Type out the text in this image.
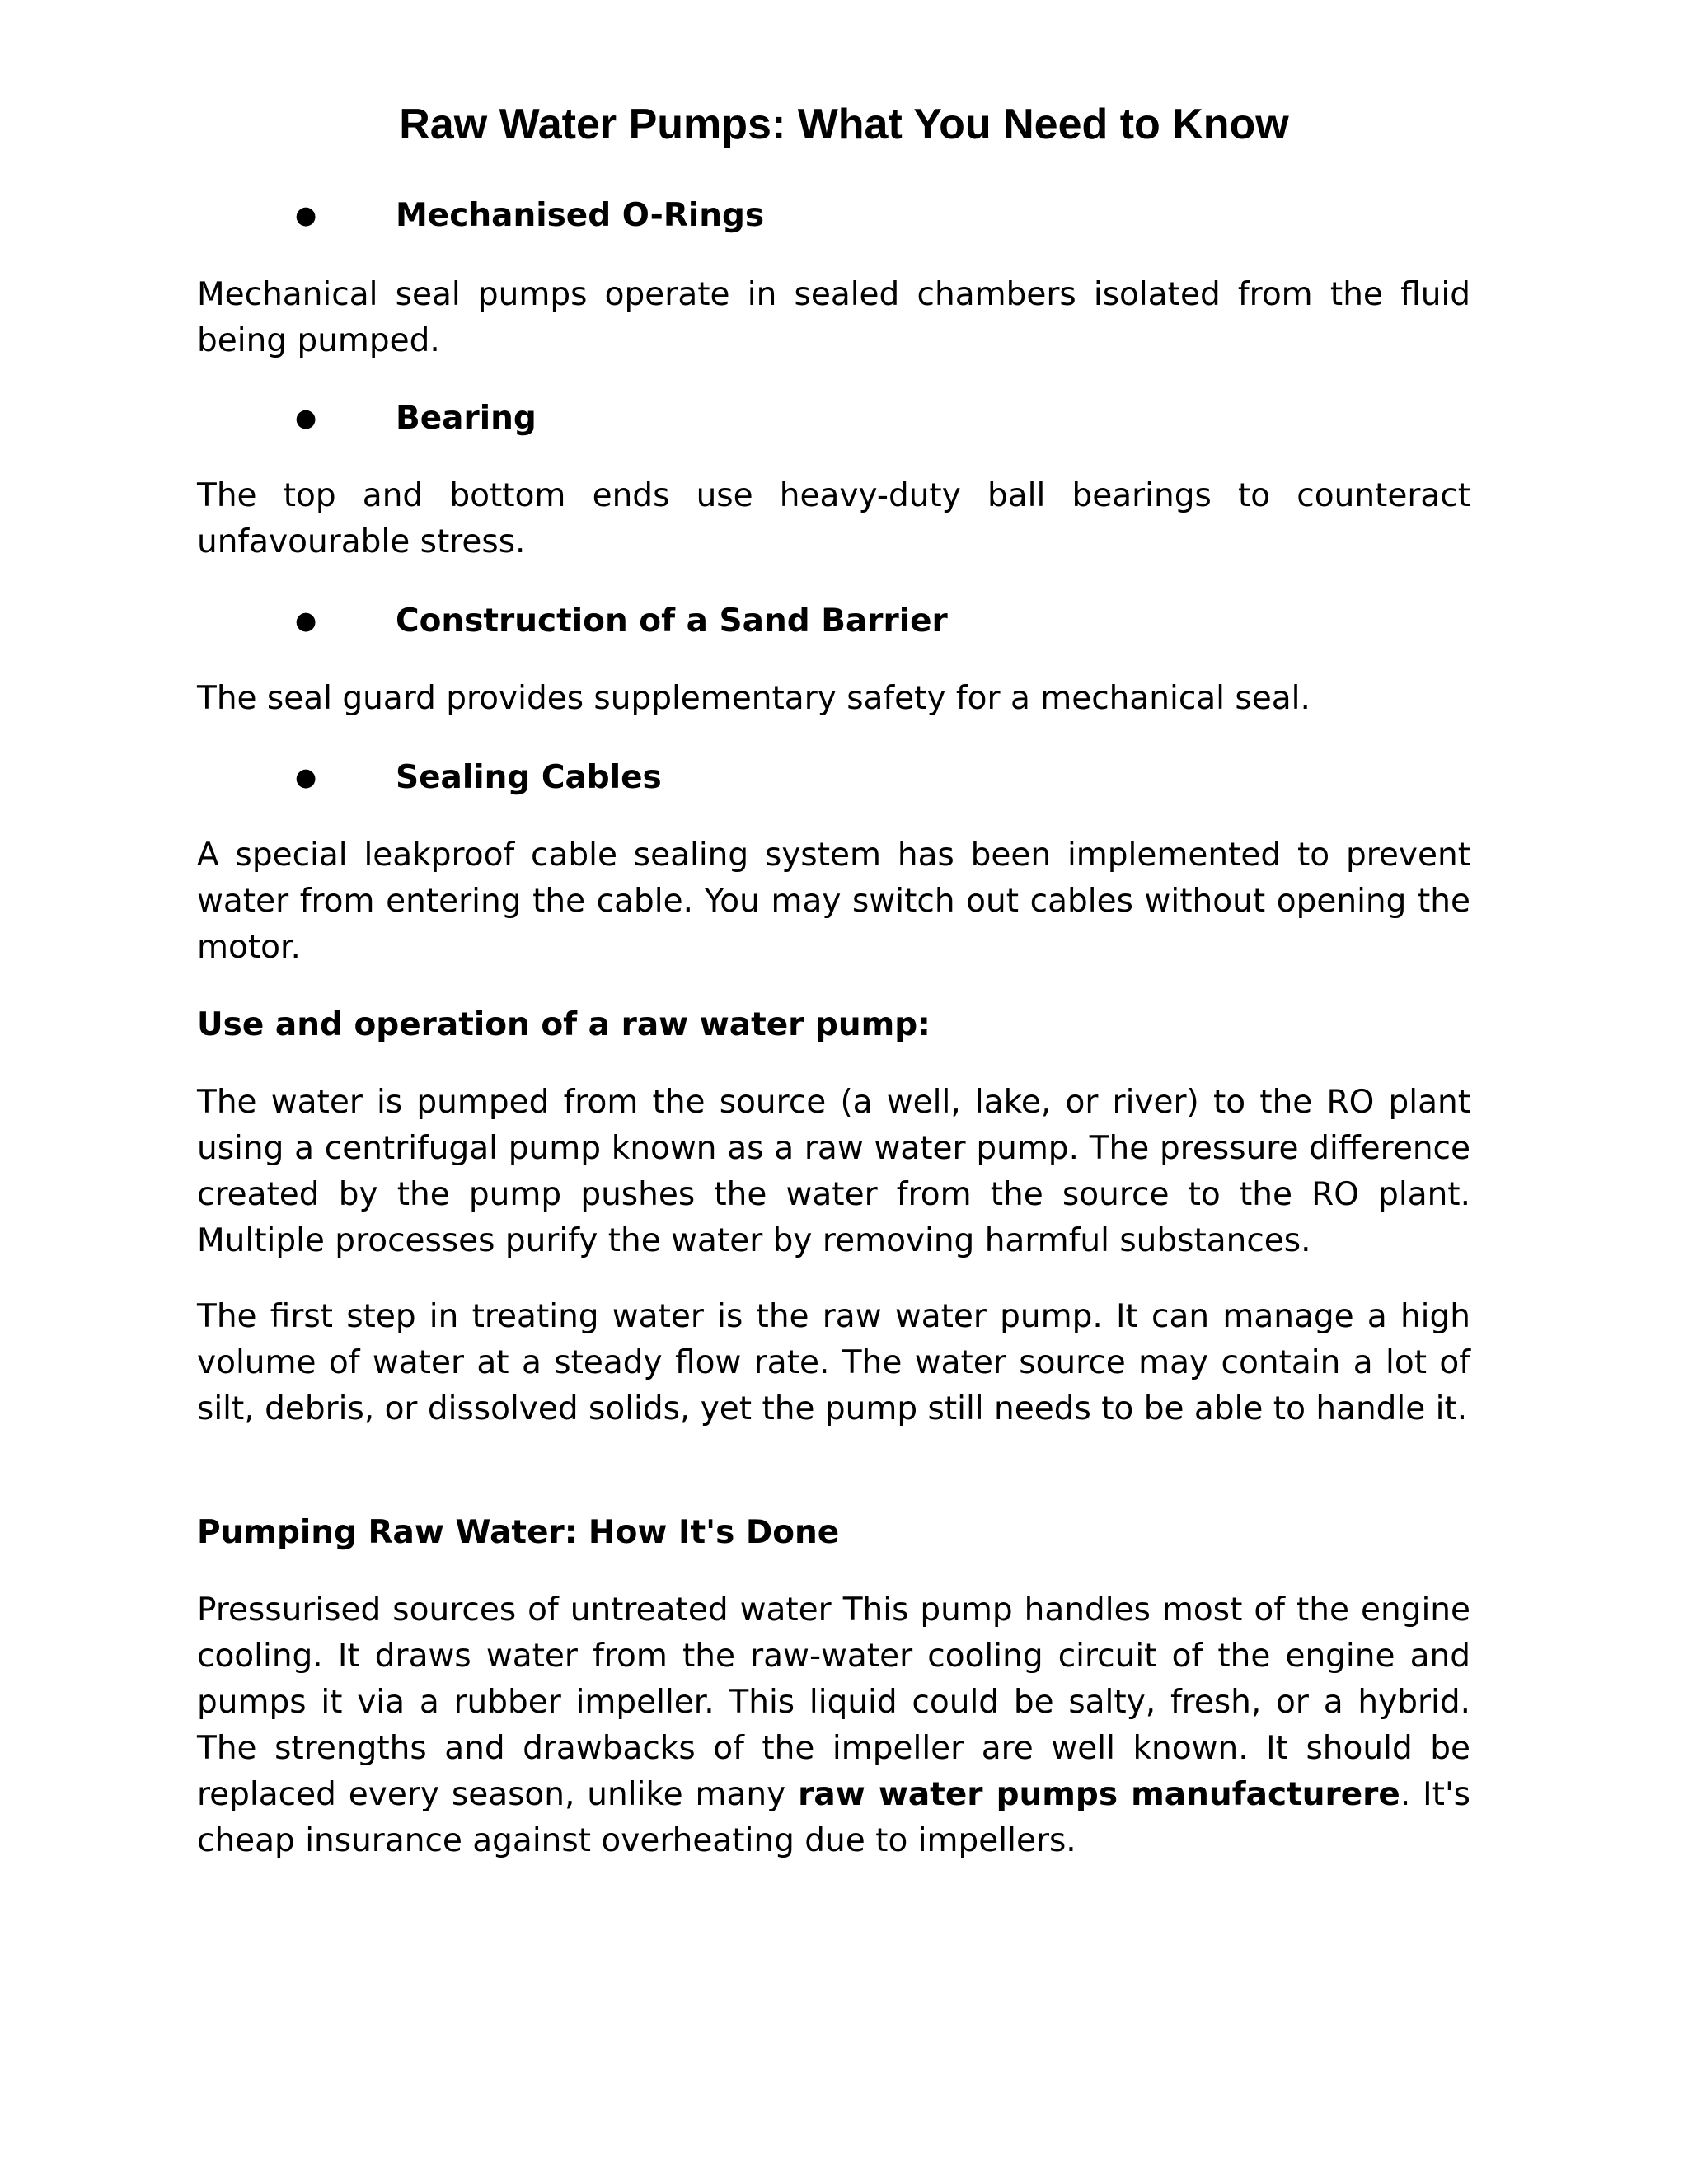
Raw Water Pumps: What You Need to Know
● Mechanised O-Rings

Mechanical seal pumps operate in sealed chambers isolated from the fluid being pumped.

● Bearing

The top and bottom ends use heavy-duty ball bearings to counteract unfavourable stress.

● Construction of a Sand Barrier

The seal guard provides supplementary safety for a mechanical seal.

● Sealing Cables

A special leakproof cable sealing system has been implemented to prevent water from entering the cable. You may switch out cables without opening the motor.

Use and operation of a raw water pump:

The water is pumped from the source (a well, lake, or river) to the RO plant using a centrifugal pump known as a raw water pump. The pressure difference created by the pump pushes the water from the source to the RO plant. Multiple processes purify the water by removing harmful substances.

The first step in treating water is the raw water pump. It can manage a high volume of water at a steady flow rate. The water source may contain a lot of silt, debris, or dissolved solids, yet the pump still needs to be able to handle it.

Pumping Raw Water: How It's Done

Pressurised sources of untreated water This pump handles most of the engine cooling. It draws water from the raw-water cooling circuit of the engine and pumps it via a rubber impeller. This liquid could be salty, fresh, or a hybrid. The strengths and drawbacks of the impeller are well known. It should be replaced every season, unlike many raw water pumps manufacturere. It's cheap insurance against overheating due to impellers.
